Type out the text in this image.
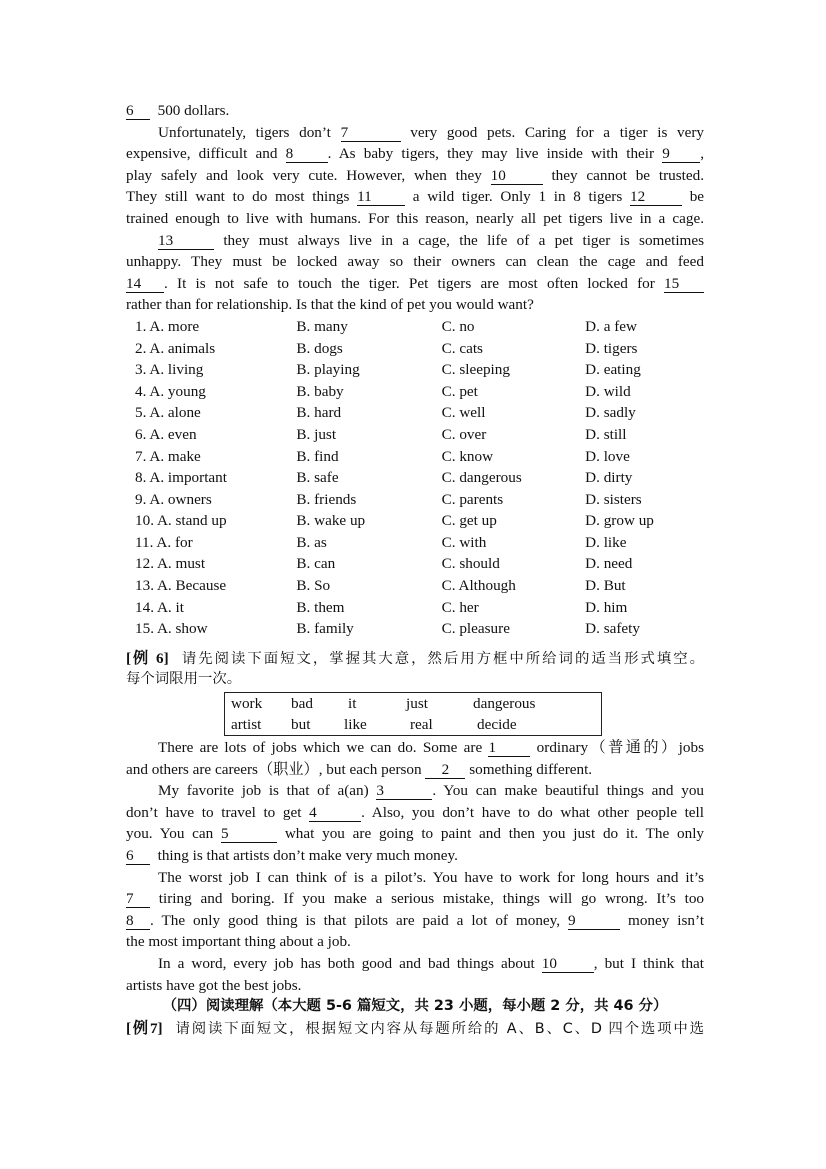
6 500 dollars.
Unfortunately, tigers don’t 7	very good pets. Caring for a tiger is very
expensive, difficult and 8 . As baby tigers, they may live inside with their 9 ,
play safely and look very cute. However, when they 10	they cannot be trusted.
They still want to do most things 11	a wild tiger. Only 1 in 8 tigers 12	be
trained enough to live with humans. For this reason, nearly all pet tigers live in a cage.
13	they must always live in a cage, the life of a pet tiger is sometimes
unhappy. They must be locked away so their owners can clean the cage and feed
14 . It is not safe to touch the tiger. Pet tigers are most often locked for 15
rather than for relationship. Is that the kind of pet you would want?
1. A. more	B. many	C. no	D. a few
2. A. animals	B. dogs	C. cats	D. tigers
3. A. living	B. playing	C. sleeping	D. eating
4. A. young	B. baby	C. pet	D. wild
5. A. alone	B. hard	C. well	D. sadly
6. A. even	B. just	C. over	D. still
7. A. make	B. find	C. know	D. love
8. A. important	B. safe	C. dangerous	D. dirty
9. A. owners	B. friends	C. parents	D. sisters
10. A. stand up	B. wake up	C. get up	D. grow up
11. A. for	B. as	C. with	D. like
12. A. must	B. can	C. should	D. need
13. A. Because	B. So	C. Although	D. But
14. A. it	B. them	C. her	D. him
15. A. show	B. family	C. pleasure	D. safety
[例 6] 请先阅读下面短文，掌握其大意，然后用方框中所给词的适当形式填空。
每个词限用一次。
work bad it	just	dangerous
artist but like	real	decide
There are lots of jobs which we can do. Some are 1	ordinary（普通的）jobs
and others are careers（职业）, but each person 2 something different.
My favorite job is that of a(an) 3	. You can make beautiful things and you
don’t have to travel to get 4	. Also, you don’t have to do what other people tell
you. You can 5	what you are going to paint and then you just do it. The only
6 thing is that artists don’t make very much money.
The worst job I can think of is a pilot’s. You have to work for long hours and it’s
7 tiring and boring. If you make a serious mistake, things will go wrong. It’s too
8 . The only good thing is that pilots are paid a lot of money, 9	money isn’t
the most important thing about a job.
In a word, every job has both good and bad things about 10 , but I think that
artists have got the best jobs.
（四）阅读理解（本大题 5-6 篇短文，共 23 小题，每小题 2 分，共 46 分）
[例7] 请阅读下面短文，根据短文内容从每题所给的 A、B、C、D 四个选项中选
